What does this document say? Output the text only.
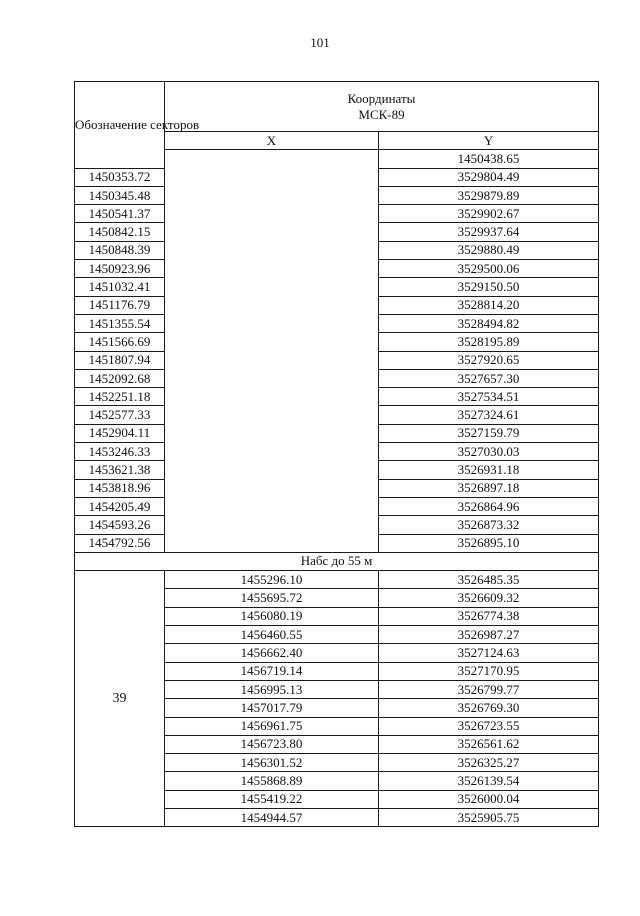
101
Обозначение секторов	Координаты
МСК-89		

	X	Y	
		1450438.65	
1450353.72		3529804.49	
1450345.48		3529879.89	
1450541.37		3529902.67	
1450842.15		3529937.64	
1450848.39		3529880.49	
1450923.96		3529500.06	
1451032.41		3529150.50	
1451176.79		3528814.20	
1451355.54		3528494.82	
1451566.69		3528195.89	
1451807.94		3527920.65	
1452092.68		3527657.30	
1452251.18		3527534.51	
1452577.33		3527324.61	
1452904.11		3527159.79	
1453246.33		3527030.03	
1453621.38		3526931.18	
1453818.96		3526897.18	
1454205.49		3526864.96	
1454593.26		3526873.32	
1454792.56		3526895.10	
Набс до 55 м			
39	1455296.10	3526485.35	
	1455695.72	3526609.32	
	1456080.19	3526774.38	
	1456460.55	3526987.27	
	1456662.40	3527124.63	
	1456719.14	3527170.95	
	1456995.13	3526799.77	
	1457017.79	3526769.30	
	1456961.75	3526723.55	
	1456723.80	3526561.62	
	1456301.52	3526325.27	
	1455868.89	3526139.54	
	1455419.22	3526000.04	
	1454944.57	3525905.75	
